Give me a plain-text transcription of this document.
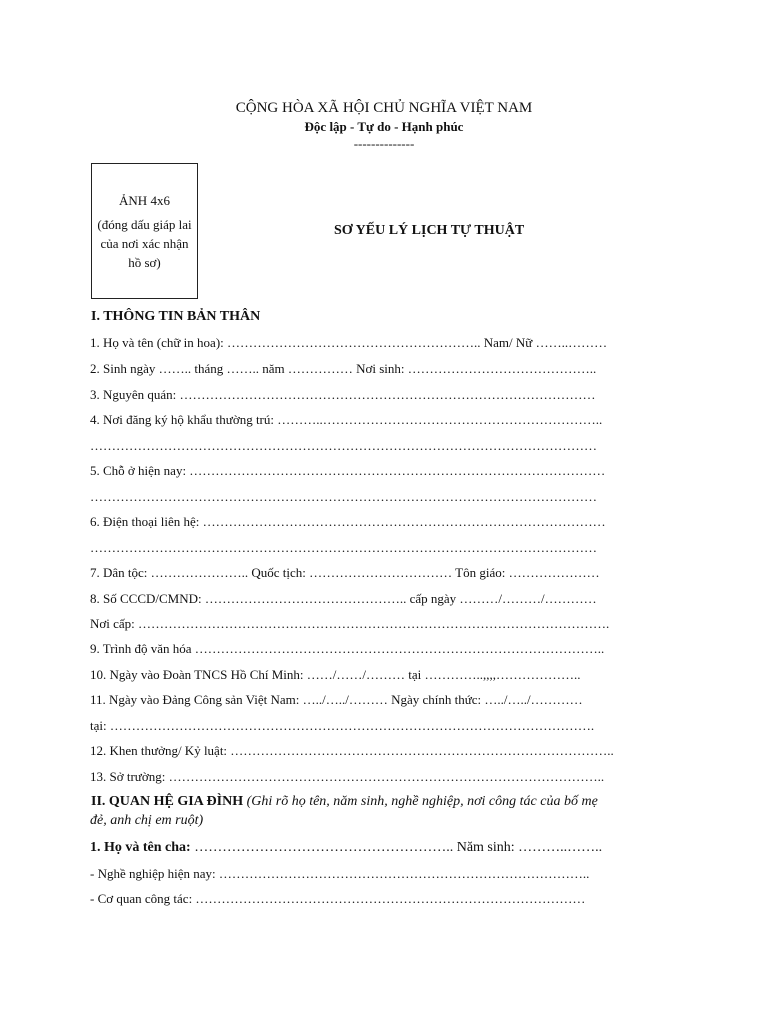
CỘNG HÒA XÃ HỘI CHỦ NGHĨA VIỆT NAM
Độc lập - Tự do - Hạnh phúc
--------------
ẢNH 4x6
(đóng dấu giáp lai của nơi xác nhận hồ sơ)
SƠ YẾU LÝ LỊCH TỰ THUẬT
I. THÔNG TIN BẢN THÂN
1. Họ và tên (chữ in hoa): ………………………………………………….. Nam/ Nữ ……..………
2. Sinh ngày …….. tháng …….. năm …………… Nơi sinh: ……………………………………..
3. Nguyên quán: ……………………………………………………………………………………
4. Nơi đăng ký hộ khẩu thường trú: ………..………………………………………………………..
………………………………………………………………………………………………………
5. Chỗ ở hiện nay: ……………………………………………………………………………………
………………………………………………………………………………………………………
6. Điện thoại liên hệ: …………………………………………………………………………………
………………………………………………………………………………………………………
7. Dân tộc: ………………….. Quốc tịch: …………………………… Tôn giáo: …………………
8. Số CCCD/CMND: ……………………………………….. cấp ngày ………/………/…………
Nơi cấp: ……………………………………………………………………………………………….
9. Trình độ văn hóa …………………………………………………………………………………..
10. Ngày vào Đoàn TNCS Hồ Chí Minh: ……/……/……… tại …………..,,,,………………..
11. Ngày vào Đảng Công sản Việt Nam: …../…../……… Ngày chính thức: …../…../…………
tại: ………………………………………………………………………………………………….
12. Khen thưởng/ Kỷ luật: ……………………………………………………………………………..
13. Sở trường: ………………………………………………………………………………………..
II. QUAN HỆ GIA ĐÌNH (Ghi rõ họ tên, năm sinh, nghề nghiệp, nơi công tác của bố mẹ
đẻ, anh chị em ruột)
1. Họ và tên cha: ……………………………………………….. Năm sinh: ………..……..
- Nghề nghiệp hiện nay: …………………………………………………………………………..
- Cơ quan công tác: ………………………………………………………………………………
